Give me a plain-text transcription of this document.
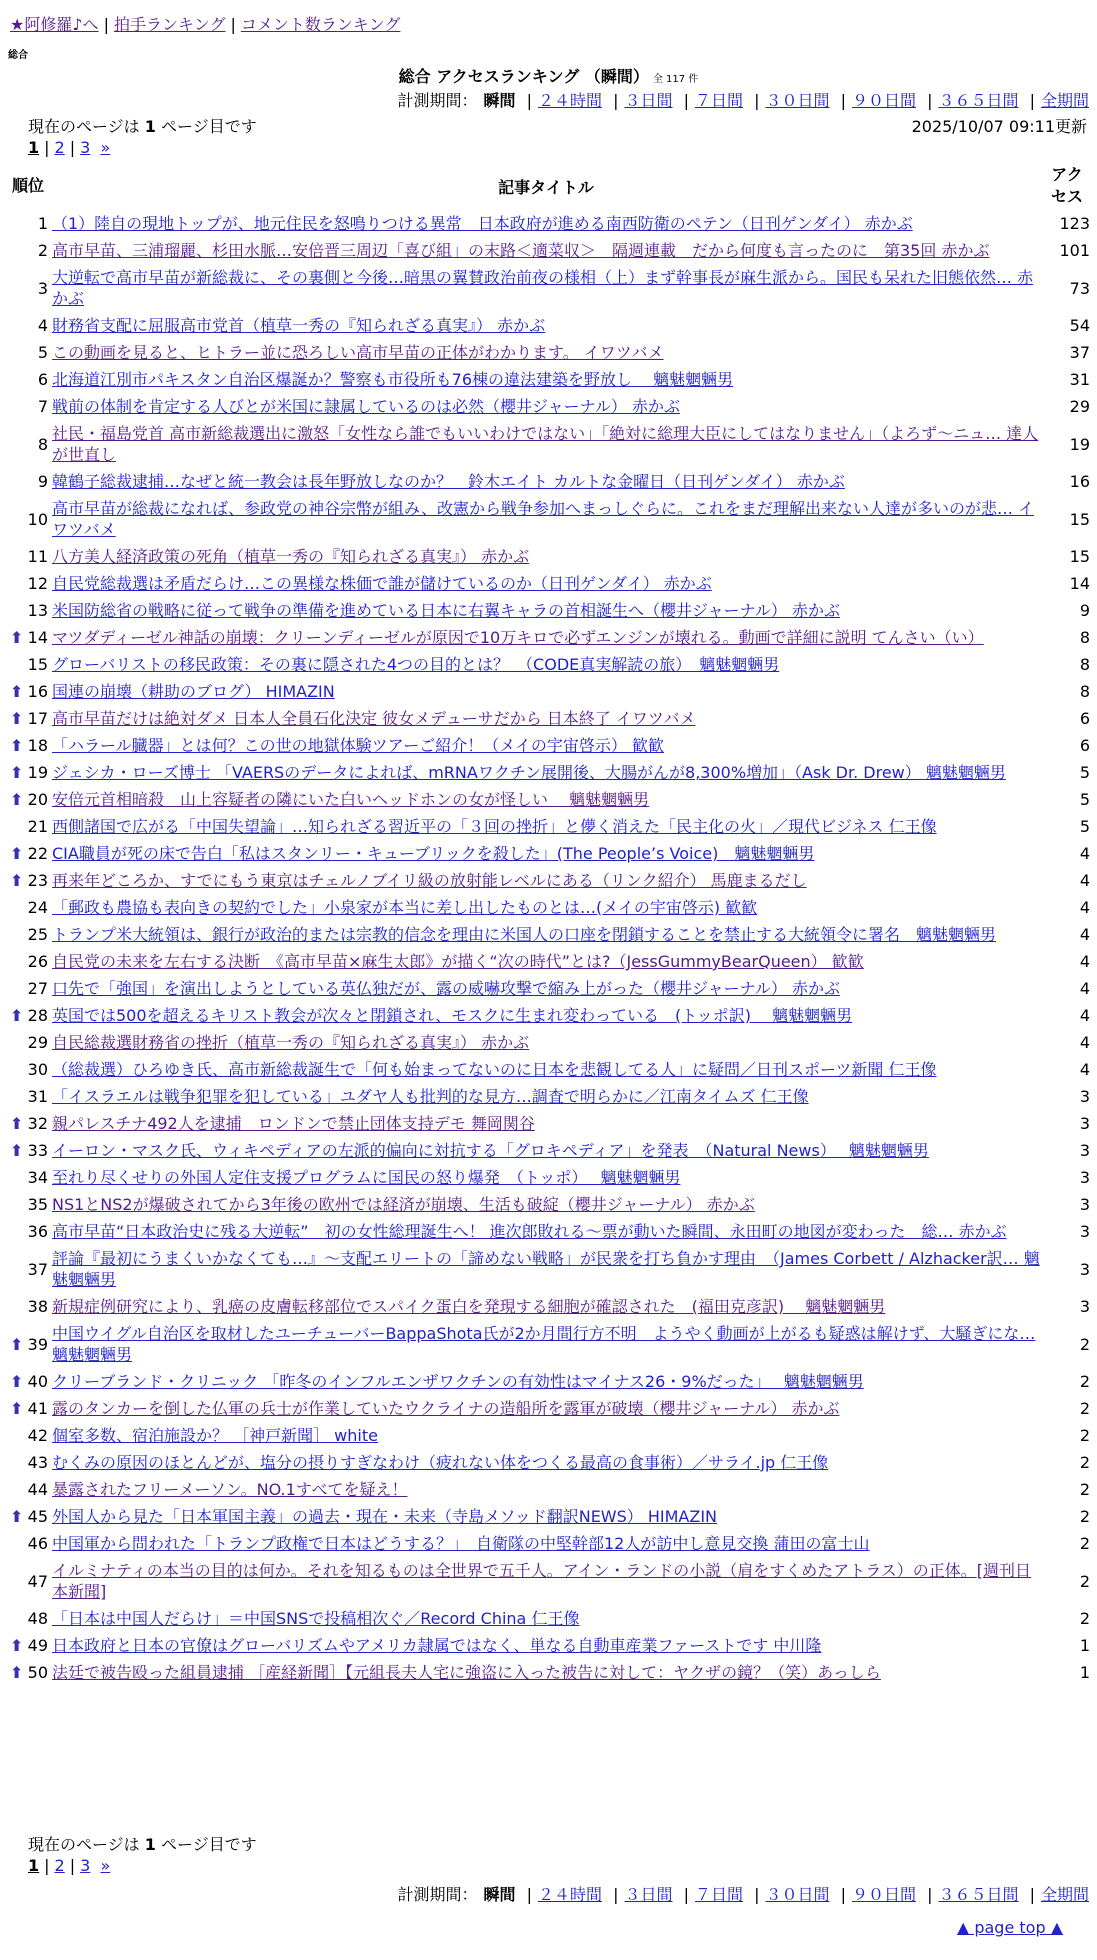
★阿修羅♪へ | 拍手ランキング | コメント数ランキング
総合
総合 アクセスランキング （瞬間） 全 117 件
計測期間： 瞬間 | ２４時間 | ３日間 | ７日間 | ３０日間 | ９０日間 | ３６５日間 | 全期間
現在のページは 1 ページ目です	2025/10/07 09:11更新
1 | 2 | 3 »
順位	記事タイトル	アクセス
1	（1）陸自の現地トップが、地元住民を怒鳴りつける異常　日本政府が進める南西防衛のペテン（日刊ゲンダイ） 赤かぶ	123
2	高市早苗、三浦瑠麗、杉田水脈…安倍晋三周辺「喜び組」の末路＜適菜収＞　隔週連載　だから何度も言ったのに　第35回 赤かぶ	101
3	大逆転で高市早苗が新総裁に、その裏側と今後…暗黒の翼賛政治前夜の様相（上）まず幹事長が麻生派から。国民も呆れた旧態依然… 赤かぶ	73
4	財務省支配に屈服高市党首（植草一秀の『知られざる真実』） 赤かぶ	54
5	この動画を見ると、ヒトラー並に恐ろしい高市早苗の正体がわかります。 イワツバメ	37
6	北海道江別市パキスタン自治区爆誕か？警察も市役所も76棟の違法建築を野放し　 魑魅魍魎男	31
7	戦前の体制を肯定する人びとが米国に隷属しているのは必然（櫻井ジャーナル） 赤かぶ	29
8	社民・福島党首 高市新総裁選出に激怒「女性なら誰でもいいわけではない」「絶対に総理大臣にしてはなりません」（よろず〜ニュ… 達人が世直し	19
9	韓鶴子総裁逮捕…なぜと統一教会は長年野放しなのか？　鈴木エイト カルトな金曜日（日刊ゲンダイ） 赤かぶ	16
10	高市早苗が総裁になれば、参政党の神谷宗幣が組み、改憲から戦争参加へまっしぐらに。これをまだ理解出来ない人達が多いのが悲… イワツバメ	15
11	八方美人経済政策の死角（植草一秀の『知られざる真実』） 赤かぶ	15
12	自民党総裁選は矛盾だらけ…この異様な株価で誰が儲けているのか（日刊ゲンダイ） 赤かぶ	14
13	米国防総省の戦略に従って戦争の準備を進めている日本に右翼キャラの首相誕生へ（櫻井ジャーナル） 赤かぶ	9

⬆ 14	マツダディーゼル神話の崩壊：クリーンディーゼルが原因で10万キロで必ずエンジンが壊れる。動画で詳細に説明 てんさい（い）	8
15	グローバリストの移民政策：その裏に隠された4つの目的とは？　（CODE真実解読の旅）　魑魅魍魎男	8

⬆ 16	国連の崩壊（耕助のブログ） HIMAZIN	8

⬆ 17	高市早苗だけは絶対ダメ 日本人全員石化決定 彼女メデューサだから 日本終了 イワツバメ	6

⬆ 18	「ハラール臓器」とは何？この世の地獄体験ツアーご紹介！（メイの宇宙啓示） 歓歓	6

⬆ 19	ジェシカ・ローズ博士 「VAERSのデータによれば、mRNAワクチン展開後、大腸がんが8,300%増加」（Ask Dr. Drew） 魑魅魍魎男	5

⬆ 20	安倍元首相暗殺　山上容疑者の隣にいた白いヘッドホンの女が怪しい　 魑魅魍魎男	5
21	西側諸国で広がる「中国失望論」…知られざる習近平の「３回の挫折」と儚く消えた「民主化の火」／現代ビジネス 仁王像	5

⬆ 22	CIA職員が死の床で告白「私はスタンリー・キューブリックを殺した」(The People’s Voice)　魑魅魍魎男	4

⬆ 23	再来年どころか、すでにもう東京はチェルノブイリ級の放射能レベルにある（リンク紹介） 馬鹿まるだし	4
24	「郵政も農協も表向きの契約でした」小泉家が本当に差し出したものとは…(メイの宇宙啓示) 歓歓	4
25	トランプ米大統領は、銀行が政治的または宗教的信念を理由に米国人の口座を閉鎖することを禁止する大統領令に署名　魑魅魍魎男	4
26	自民党の未来を左右する決断　《高市早苗×麻生太郎》が描く“次の時代”とは?（JessGummyBearQueen） 歓歓	4
27	口先で「強国」を演出しようとしている英仏独だが、露の威嚇攻撃で縮み上がった（櫻井ジャーナル） 赤かぶ	4

⬆ 28	英国では500を超えるキリスト教会が次々と閉鎖され、モスクに生まれ変わっている　(トッポ訳)　 魑魅魍魎男	4
29	自民総裁選財務省の挫折（植草一秀の『知られざる真実』） 赤かぶ	4
30	（総裁選）ひろゆき氏、高市新総裁誕生で「何も始まってないのに日本を悲観してる人」に疑問／日刊スポーツ新聞 仁王像	4
31	「イスラエルは戦争犯罪を犯している」ユダヤ人も批判的な見方…調査で明らかに／江南タイムズ 仁王像	3

⬆ 32	親パレスチナ492人を逮捕　ロンドンで禁止団体支持デモ 舞岡関谷	3

⬆ 33	イーロン・マスク氏、ウィキペディアの左派的偏向に対抗する「グロキペディア」を発表　（Natural News）　 魑魅魍魎男	3
34	至れり尽くせりの外国人定住支援プログラムに国民の怒り爆発　（トッポ）　 魑魅魍魎男	3
35	NS1とNS2が爆破されてから3年後の欧州では経済が崩壊、生活も破綻（櫻井ジャーナル） 赤かぶ	3
36	高市早苗“日本政治史に残る大逆転”　初の女性総理誕生へ！ 進次郎敗れる〜票が動いた瞬間、永田町の地図が変わった　総… 赤かぶ	3
37	評論『最初にうまくいかなくても…』〜支配エリートの「諦めない戦略」が民衆を打ち負かす理由　（James Corbett / Alzhacker訳… 魑魅魍魎男	3
38	新規症例研究により、乳癌の皮膚転移部位でスパイク蛋白を発現する細胞が確認された　(福田克彦訳)　 魑魅魍魎男	3

⬆ 39	中国ウイグル自治区を取材したユーチューバーBappaShota氏が2か月間行方不明　ようやく動画が上がるも疑惑は解けず、大騒ぎにな… 魑魅魍魎男	2

⬆ 40	クリーブランド・クリニック 「昨冬のインフルエンザワクチンの有効性はマイナス26・9%だった」　 魑魅魍魎男	2

⬆ 41	露のタンカーを倒した仏軍の兵士が作業していたウクライナの造船所を露軍が破壊（櫻井ジャーナル） 赤かぶ	2
42	個室多数、宿泊施設か？ ［神戸新聞］ white	2
43	むくみの原因のほとんどが、塩分の摂りすぎなわけ（疲れない体をつくる最高の食事術）／サライ.jp 仁王像	2
44	暴露されたフリーメーソン。NO.1すべてを疑え！	2

⬆ 45	外国人から見た「日本軍国主義」の過去・現在・未来（寺島メソッド翻訳NEWS） HIMAZIN	2
46	中国軍から問われた「トランプ政権で日本はどうする？」　自衛隊の中堅幹部12人が訪中し意見交換 蒲田の富士山	2
47	イルミナティの本当の目的は何か。それを知るものは全世界で五千人。アイン・ランドの小説（肩をすくめたアトラス）の正体。[週刊日本新聞]	2
48	「日本は中国人だらけ」＝中国SNSで投稿相次ぐ／Record China 仁王像	2

⬆ 49	日本政府と日本の官僚はグローバリズムやアメリカ隷属ではなく、単なる自動車産業ファーストです 中川隆	1

⬆ 50	法廷で被告殴った組員逮捕 ［産経新聞］【元組長夫人宅に強盗に入った被告に対して：ヤクザの鏡？（笑）あっしら	1
現在のページは 1 ページ目です
1 | 2 | 3 »
計測期間： 瞬間 | ２４時間 | ３日間 | ７日間 | ３０日間 | ９０日間 | ３６５日間 | 全期間
▲ page top ▲
